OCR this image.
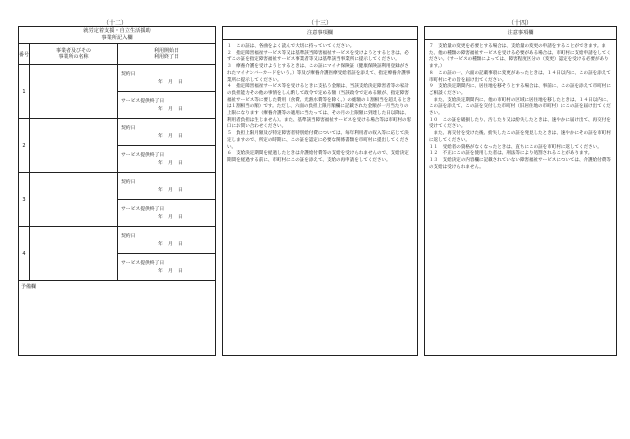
（十二）	（十三）	（十四）
就労定着支援・自立生活援助
事業所記入欄
番号
事業者及びその
事業所の名称
利用開始日
利用終了日
1
契約日
年　月　日
サービス提供終了日
年　月　日
2
契約日
年　月　日
サービス提供終了日
年　月　日
3
契約日
年　月　日
サービス提供終了日
年　月　日
4
契約日
年　月　日
サービス提供終了日
年　月　日
予備欄
注意事項欄

１　この証は、各曲をよく読んで大切に持っていてください。

２　指定障害福祉サービス等又は基準該当障害福祉サービスを受けようとするときは、必ずこの証を指定障害福祉サービス事業者等又は基準該当事業所に提示してください。

３　療養介護を受けようとするときは、この証にマイナ保険証（健康保険証利用登録がされたマイナンバーカードをいう。）等及び療養介護医療受給者証を添えて、指定療養介護事業所に提示してください。

４　指定障害福祉サービス等を受けるときに支払う金額は、当該支給決定障害者等の家計の負担能力その他の事情をしん酌して政令で定める額（当該政令で定める額が、指定障害福祉サービス等に要した費用（食費、光熱水費等を除く。）の総額の１割相当を超えるときは１割相当の額）です。ただし、六面の負担上限月額欄に記載された金額が一月当たりの上限になります（療養介護等の適用に当たっては、その月の上限額に到達した日以降は、利用者負担は生じません）。また、基準該当障害福祉サービスを受ける場合等は市町村の窓口にお問い合わせください。

５　負担上限月額及び特定障害者特別給付費については、毎年利用者の収入等に応じて決定しますので、所定の時期に、この証を認定に必要な関係書類を市町村に提出してください。

６　支給決定期間を経過したときは介護給付費等の支給を受けられませんので、支給決定期間を経過する前に、市町村にこの証を添えて、支給の再申請をしてください。

注意事項欄

７　支給量の変更を必要とする場合は、支給量の変更の申請をすることができます。また、他の種類の障害福祉サービスを受ける必要がある場合は、市町村に支給申請をしてください。（サービスの種類によっては、障害程度区分の（変更）認定を受ける必要があります。）

８　この証の一、六面の記載事項に変更があったときは、１４日以内に、この証を添えて市町村にその旨を届け出てください。

９　支給決定期間内に、居住地を移そうとする場合は、事前に、この証を添えて市町村にご相談ください。

　また、支給決定期間内に、他の市町村の区域に居住地を移したときは、１４日以内に、この証を添えて、この証を交付した市町村（旧居住地の市町村）にこの証を届け出てください。

１０　この証を破損したり、汚したり又は紛失したときは、速やかに届け出て、再交付を受けてください。

　また、再交付を受けた後、紛失したこの証を発見したときは、速やかにその証を市町村に返してください。

１１　受給者の資格がなくなったときは、直ちにこの証を市町村に返してください。

１２　不正にこの証を使用した者は、刑法等により処罰されることがあります。

１３　支給決定の内容欄に記載されていない障害福祉サービスについては、介護給付費等の支給は受けられません。
